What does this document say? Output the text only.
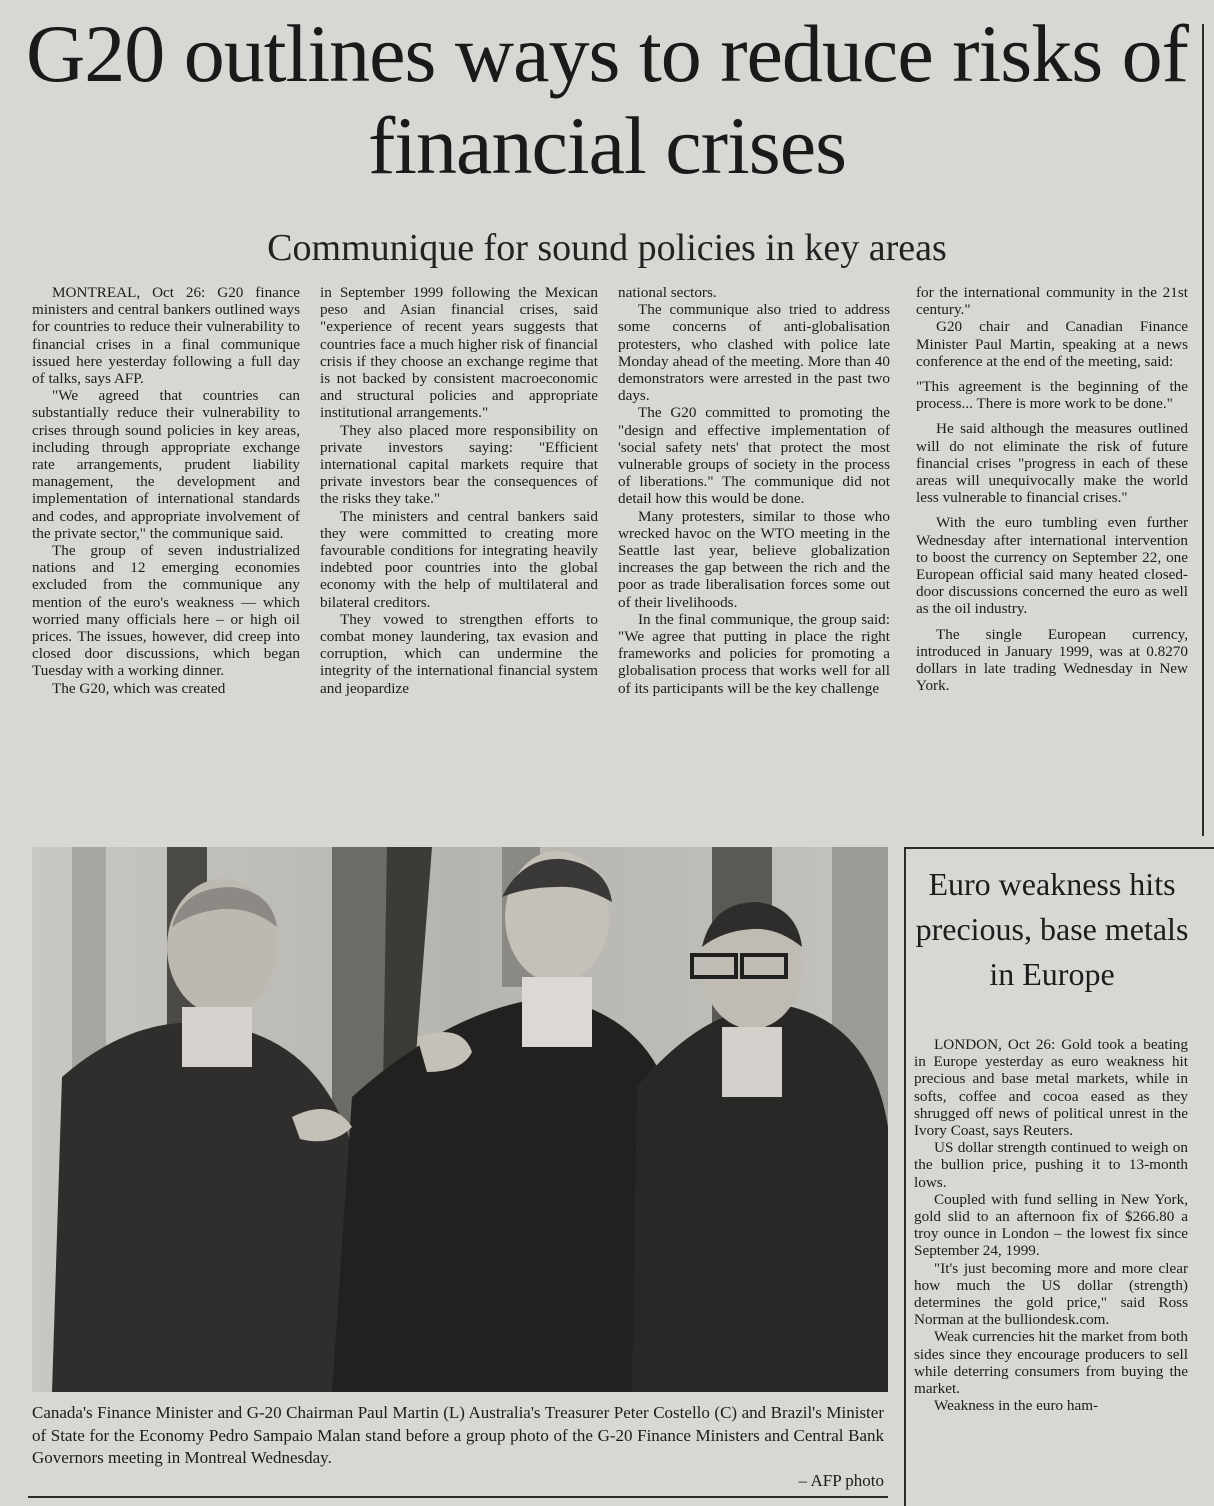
G20 outlines ways to reduce risks of financial crises
Communique for sound policies in key areas

MONTREAL, Oct 26: G20 finance ministers and central bankers outlined ways for countries to reduce their vulnerability to financial crises in a final communique issued here yesterday following a full day of talks, says AFP.

"We agreed that countries can substantially reduce their vulnerability to crises through sound policies in key areas, including through appropriate exchange rate arrangements, prudent liability management, the development and implementation of international standards and codes, and appropriate involvement of the private sector," the communique said.

The group of seven industrialized nations and 12 emerging economies excluded from the communique any mention of the euro's weakness — which worried many officials here – or high oil prices. The issues, however, did creep into closed door discussions, which began Tuesday with a working dinner.

The G20, which was created

in September 1999 following the Mexican peso and Asian financial crises, said "experience of recent years suggests that countries face a much higher risk of financial crisis if they choose an exchange regime that is not backed by consistent macroeconomic and structural policies and appropriate institutional arrangements."

They also placed more responsibility on private investors saying: "Efficient international capital markets require that private investors bear the consequences of the risks they take."

The ministers and central bankers said they were committed to creating more favourable conditions for integrating heavily indebted poor countries into the global economy with the help of multilateral and bilateral creditors.

They vowed to strengthen efforts to combat money laundering, tax evasion and corruption, which can undermine the integrity of the international financial system and jeopardize

national sectors.

The communique also tried to address some concerns of anti-globalisation protesters, who clashed with police late Monday ahead of the meeting. More than 40 demonstrators were arrested in the past two days.

The G20 committed to promoting the "design and effective implementation of 'social safety nets' that protect the most vulnerable groups of society in the process of liberations." The communique did not detail how this would be done.

Many protesters, similar to those who wrecked havoc on the WTO meeting in the Seattle last year, believe globalization increases the gap between the rich and the poor as trade liberalisation forces some out of their livelihoods.

In the final communique, the group said: "We agree that putting in place the right frameworks and policies for promoting a globalisation process that works well for all of its participants will be the key challenge

for the international community in the 21st century."

G20 chair and Canadian Finance Minister Paul Martin, speaking at a news conference at the end of the meeting, said:

"This agreement is the beginning of the process... There is more work to be done."

He said although the measures outlined will do not eliminate the risk of future financial crises "progress in each of these areas will unequivocally make the world less vulnerable to financial crises."

With the euro tumbling even further Wednesday after international intervention to boost the currency on September 22, one European official said many heated closed-door discussions concerned the euro as well as the oil industry.

The single European currency, introduced in January 1999, was at 0.8270 dollars in late trading Wednesday in New York.

Canada's Finance Minister and G-20 Chairman Paul Martin (L) Australia's Treasurer Peter Costello (C) and Brazil's Minister of State for the Economy Pedro Sampaio Malan stand before a group photo of the G-20 Finance Ministers and Central Bank Governors meeting in Montreal Wednesday.
– AFP photo

Euro weakness hits precious, base metals in Europe

LONDON, Oct 26: Gold took a beating in Europe yesterday as euro weakness hit precious and base metal markets, while in softs, coffee and cocoa eased as they shrugged off news of political unrest in the Ivory Coast, says Reuters.

US dollar strength continued to weigh on the bullion price, pushing it to 13-month lows.

Coupled with fund selling in New York, gold slid to an afternoon fix of $266.80 a troy ounce in London – the lowest fix since September 24, 1999.

"It's just becoming more and more clear how much the US dollar (strength) determines the gold price," said Ross Norman at the bulliondesk.com.

Weak currencies hit the market from both sides since they encourage producers to sell while deterring consumers from buying the market.

Weakness in the euro ham-
